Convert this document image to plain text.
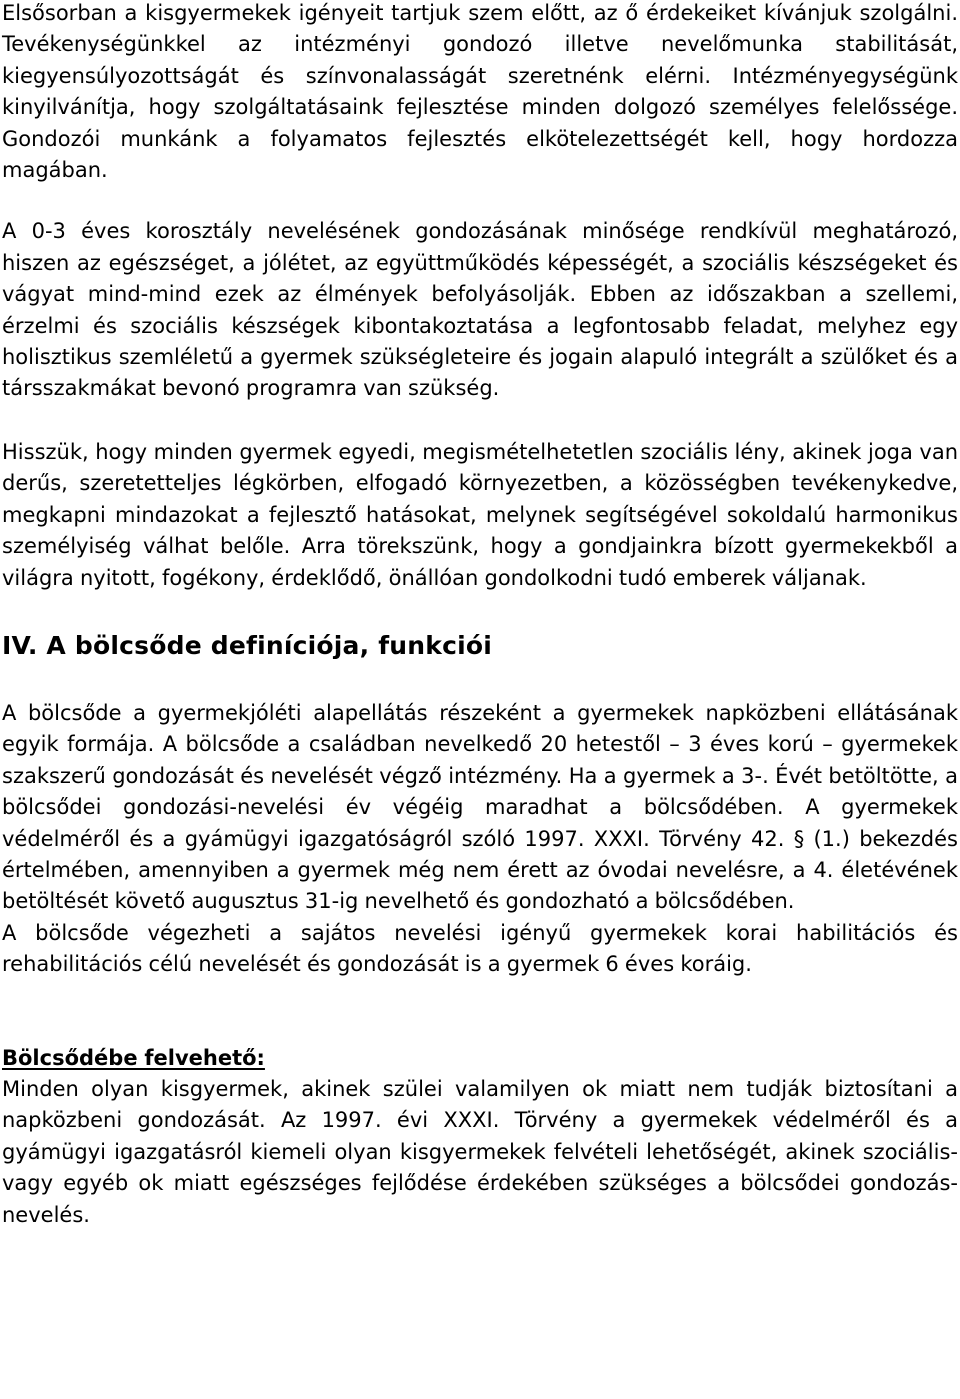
Elsősorban a kisgyermekek igényeit tartjuk szem előtt, az ő érdekeiket kívánjuk szolgálni. Tevékenységünkkel az intézményi gondozó illetve nevelőmunka stabilitását, kiegyensúlyozottságát és színvonalasságát szeretnénk elérni. Intézményegységünk kinyilvánítja, hogy szolgáltatásaink fejlesztése minden dolgozó személyes felelőssége. Gondozói munkánk a folyamatos fejlesztés elkötelezettségét kell, hogy hordozza magában.

A 0-3 éves korosztály nevelésének gondozásának minősége rendkívül meghatározó, hiszen az egészséget, a jólétet, az együttműködés képességét, a szociális készségeket és vágyat mind-mind ezek az élmények befolyásolják. Ebben az időszakban a szellemi, érzelmi és szociális készségek kibontakoztatása a legfontosabb feladat, melyhez egy holisztikus szemléletű a gyermek szükségleteire és jogain alapuló integrált a szülőket és a társszakmákat bevonó programra van szükség.

Hisszük, hogy minden gyermek egyedi, megismételhetetlen szociális lény, akinek joga van derűs, szeretetteljes légkörben, elfogadó környezetben, a közösségben tevékenykedve, megkapni mindazokat a fejlesztő hatásokat, melynek segítségével sokoldalú harmonikus személyiség válhat belőle. Arra törekszünk, hogy a gondjainkra bízott gyermekekből a világra nyitott, fogékony, érdeklődő, önállóan gondolkodni tudó emberek váljanak.

IV. A bölcsőde definíciója, funkciói

A bölcsőde a gyermekjóléti alapellátás részeként a gyermekek napközbeni ellátásának egyik formája. A bölcsőde a családban nevelkedő 20 hetestől – 3 éves korú – gyermekek szakszerű gondozását és nevelését végző intézmény. Ha a gyermek a 3-. Évét betöltötte, a bölcsődei gondozási-nevelési év végéig maradhat a bölcsődében. A gyermekek védelméről és a gyámügyi igazgatóságról szóló 1997. XXXI. Törvény 42. § (1.) bekezdés értelmében, amennyiben a gyermek még nem érett az óvodai nevelésre, a 4. életévének betöltését követő augusztus 31-ig nevelhető és gondozható a bölcsődében.

A bölcsőde végezheti a sajátos nevelési igényű gyermekek korai habilitációs és rehabilitációs célú nevelését és gondozását is a gyermek 6 éves koráig.

Bölcsődébe felvehető:

Minden olyan kisgyermek, akinek szülei valamilyen ok miatt nem tudják biztosítani a napközbeni gondozását. Az 1997. évi XXXI. Törvény a gyermekek védelméről és a gyámügyi igazgatásról kiemeli olyan kisgyermekek felvételi lehetőségét, akinek szociális- vagy egyéb ok miatt egészséges fejlődése érdekében szükséges a bölcsődei gondozás-nevelés.
